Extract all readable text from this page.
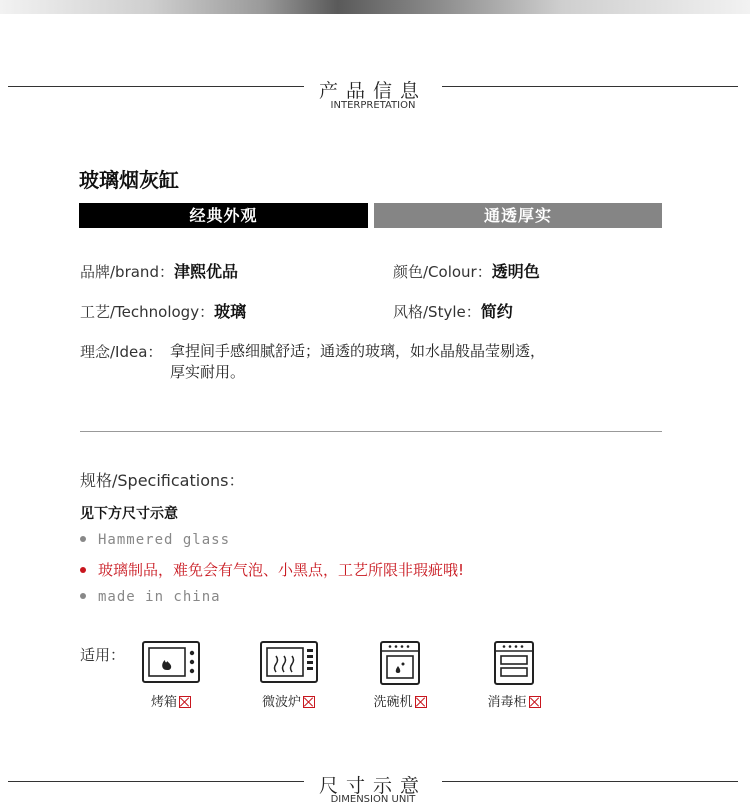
产品信息
INTERPRETATION
玻璃烟灰缸
经典外观	通透厚实
品牌/brand：津熙优品	颜色/Colour：透明色
工艺/Technology：玻璃	风格/Style：简约
理念/Idea： 拿捏间手感细腻舒适；通透的玻璃，如水晶般晶莹剔透，厚实耐用。
规格/Specifications：
见下方尺寸示意
Hammered glass
玻璃制品，难免会有气泡、小黑点，工艺所限非瑕疵哦!
made in china
适用：
烤箱	微波炉	洗碗机	消毒柜
尺寸示意
DIMENSION UNIT
